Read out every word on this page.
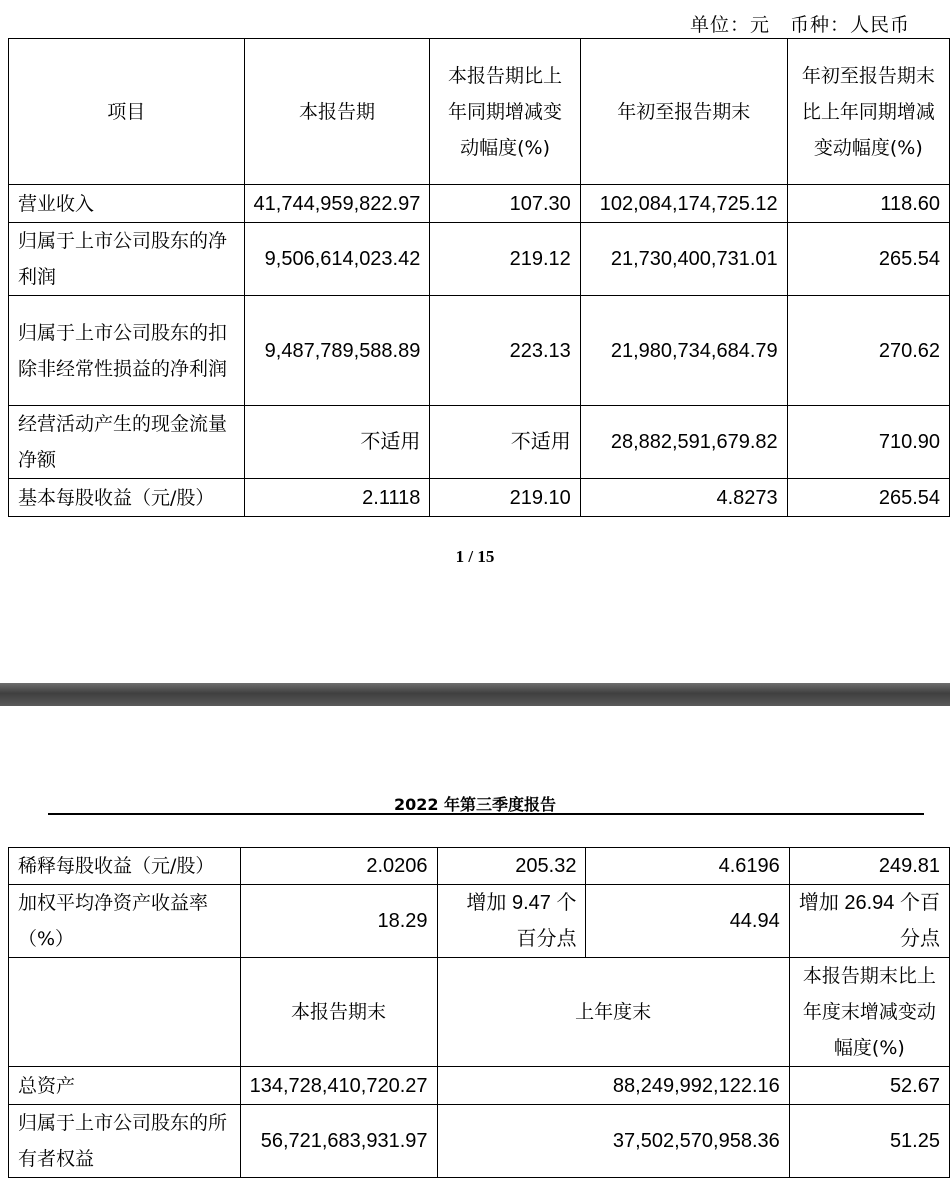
单位：元　币种：人民币
项目	本报告期	本报告期比上年同期增减变动幅度(%)	年初至报告期末	年初至报告期末比上年同期增减变动幅度(%)
营业收入	41,744,959,822.97	107.30	102,084,174,725.12	118.60
归属于上市公司股东的净利润	9,506,614,023.42	219.12	21,730,400,731.01	265.54
归属于上市公司股东的扣除非经常性损益的净利润	9,487,789,588.89	223.13	21,980,734,684.79	270.62
经营活动产生的现金流量净额	不适用	不适用	28,882,591,679.82	710.90
基本每股收益（元/股）	2.1118	219.10	4.8273	265.54
1 / 15
2022 年第三季度报告
稀释每股收益（元/股）	2.0206	205.32	4.6196	249.81
加权平均净资产收益率（%）	18.29	增加 9.47 个百分点	44.94	增加 26.94 个百分点
	本报告期末	上年度末		本报告期末比上年度末增减变动幅度(%)
总资产	134,728,410,720.27	88,249,992,122.16		52.67
归属于上市公司股东的所有者权益	56,721,683,931.97	37,502,570,958.36		51.25
